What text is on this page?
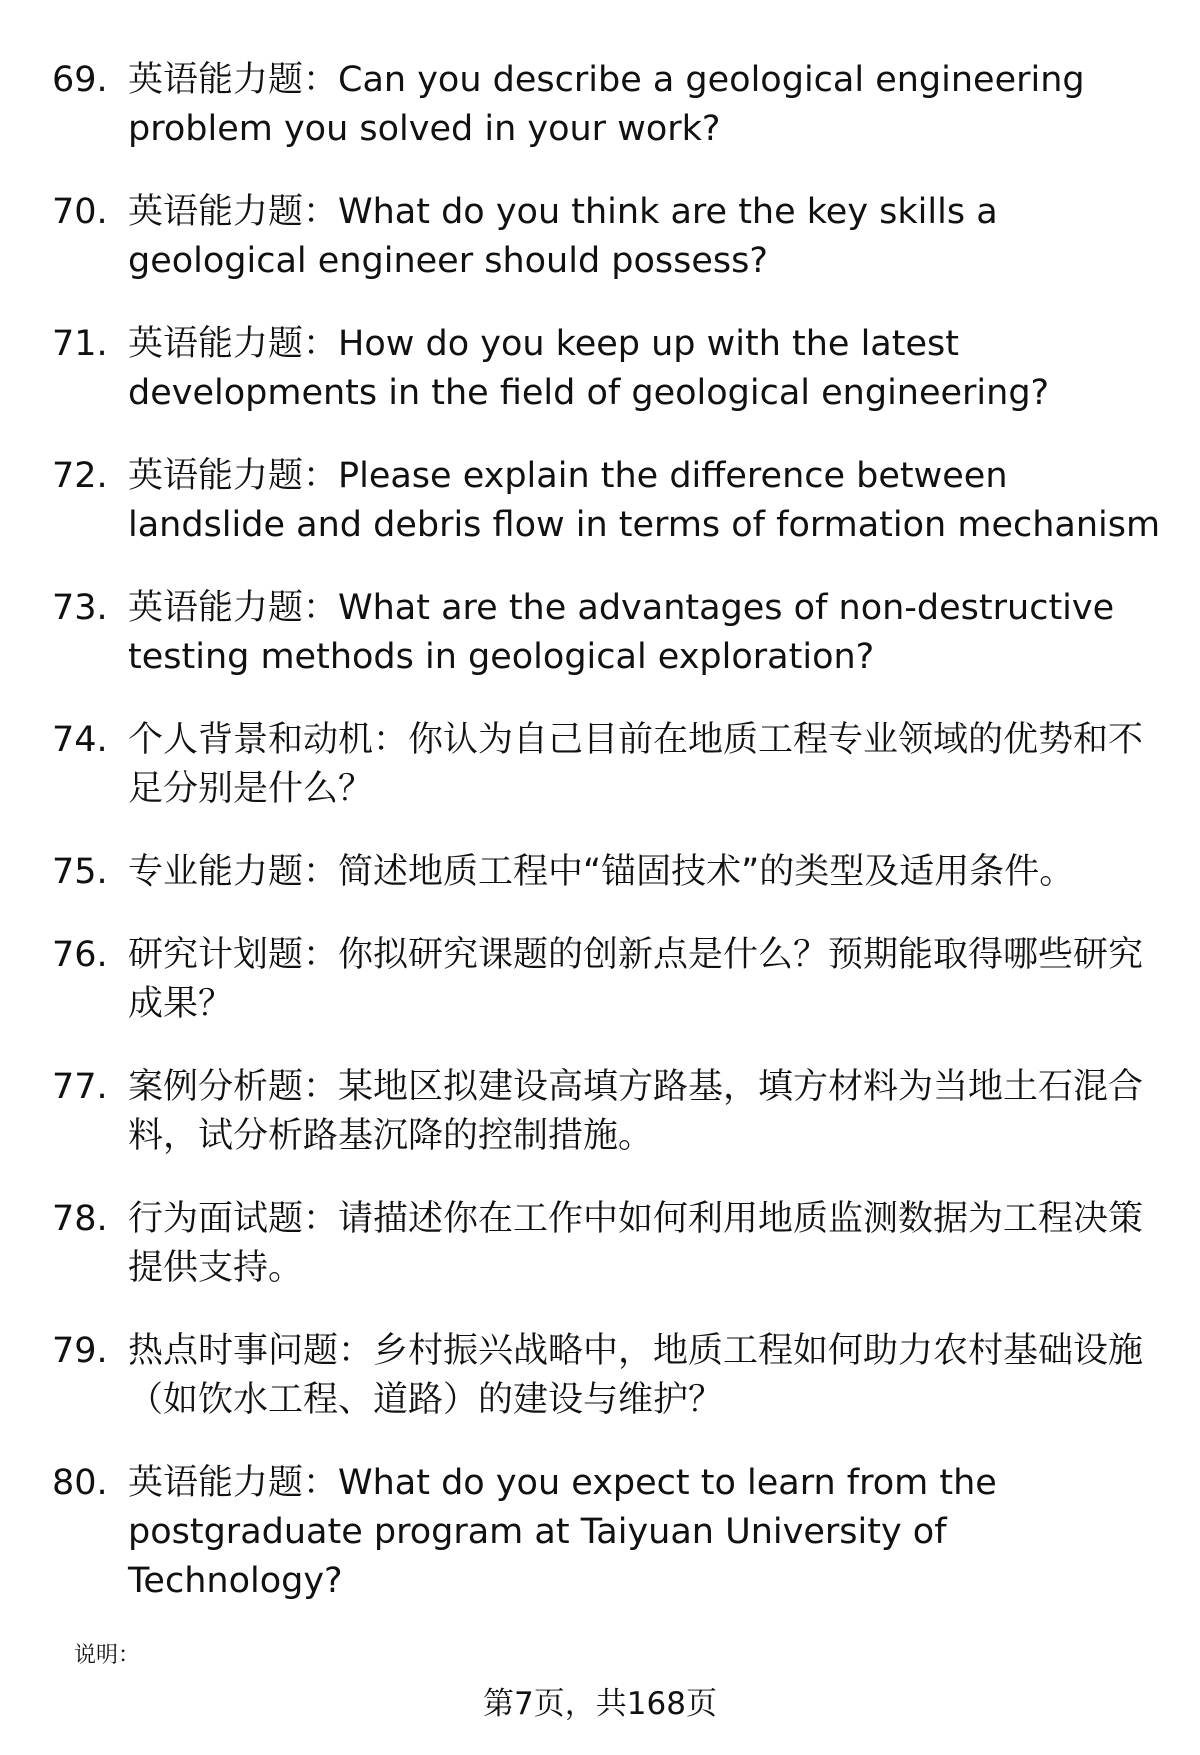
69. 英语能力题：Can you describe a geological engineering problem you solved in your work?
70. 英语能力题：What do you think are the key skills a geological engineer should possess?
71. 英语能力题：How do you keep up with the latest developments in the field of geological engineering?
72. 英语能力题：Please explain the difference between landslide and debris flow in terms of formation mechanism
73. 英语能力题：What are the advantages of non-destructive testing methods in geological exploration?
74. 个人背景和动机：你认为自己目前在地质工程专业领域的优势和不足分别是什么？
75. 专业能力题：简述地质工程中“锚固技术”的类型及适用条件。
76. 研究计划题：你拟研究课题的创新点是什么？预期能取得哪些研究成果？
77. 案例分析题：某地区拟建设高填方路基，填方材料为当地土石混合料，试分析路基沉降的控制措施。
78. 行为面试题：请描述你在工作中如何利用地质监测数据为工程决策提供支持。
79. 热点时事问题：乡村振兴战略中，地质工程如何助力农村基础设施（如饮水工程、道路）的建设与维护？
80. 英语能力题：What do you expect to learn from the postgraduate program at Taiyuan University of Technology?
说明：
第7页，共168页
